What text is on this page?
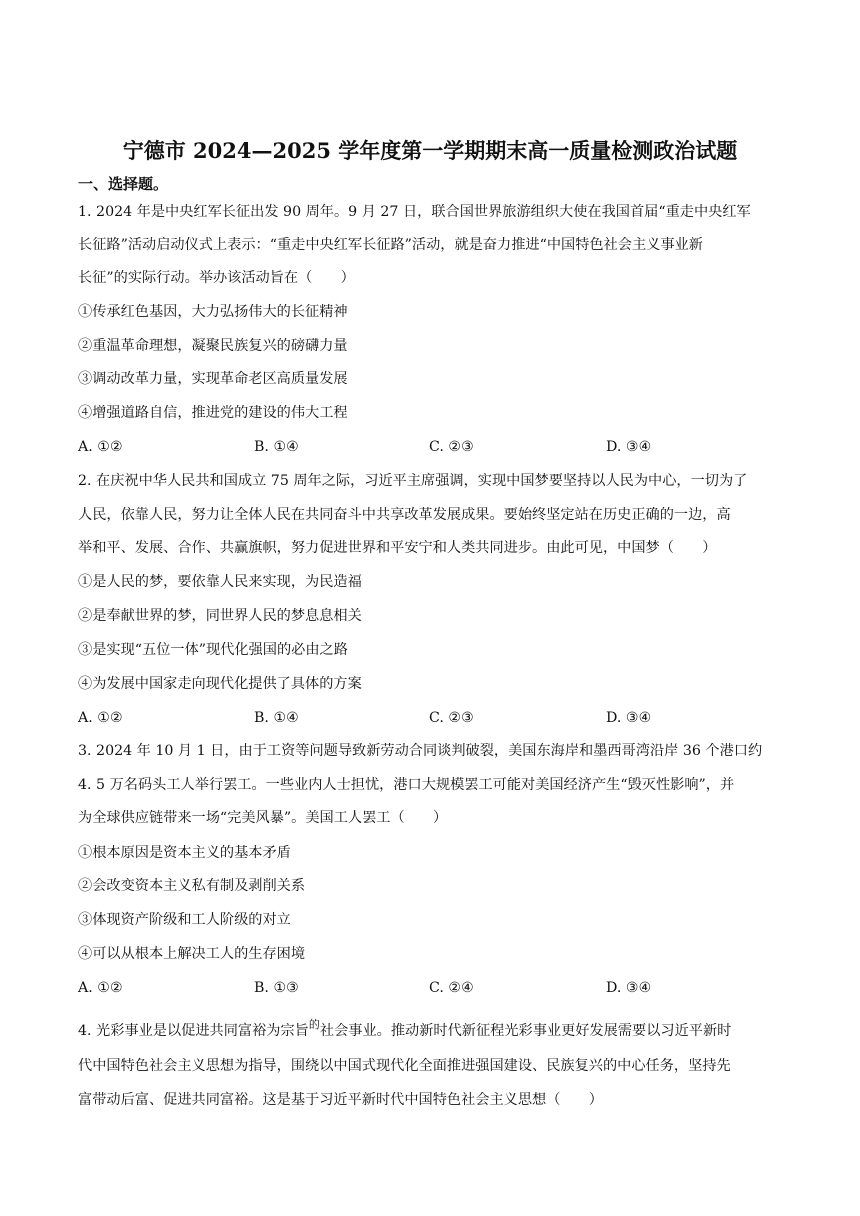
宁德市 2024—2025 学年度第一学期期末高一质量检测政治试题
一、选择题。
1. 2024 年是中央红军长征出发 90 周年。9 月 27 日，联合国世界旅游组织大使在我国首届“重走中央红军
长征路”活动启动仪式上表示：“重走中央红军长征路”活动，就是奋力推进“中国特色社会主义事业新
长征”的实际行动。举办该活动旨在（　　）
①传承红色基因，大力弘扬伟大的长征精神
②重温革命理想，凝聚民族复兴的磅礴力量
③调动改革力量，实现革命老区高质量发展
④增强道路自信，推进党的建设的伟大工程
A. ①②	B. ①④	C. ②③	D. ③④
2. 在庆祝中华人民共和国成立 75 周年之际，习近平主席强调，实现中国梦要坚持以人民为中心，一切为了
人民，依靠人民，努力让全体人民在共同奋斗中共享改革发展成果。要始终坚定站在历史正确的一边，高
举和平、发展、合作、共赢旗帜，努力促进世界和平安宁和人类共同进步。由此可见，中国梦（　　）
①是人民的梦，要依靠人民来实现，为民造福
②是奉献世界的梦，同世界人民的梦息息相关
③是实现“五位一体”现代化强国的必由之路
④为发展中国家走向现代化提供了具体的方案
A. ①②	B. ①④	C. ②③	D. ③④
3. 2024 年 10 月 1 日，由于工资等问题导致新劳动合同谈判破裂，美国东海岸和墨西哥湾沿岸 36 个港口约
4. 5 万名码头工人举行罢工。一些业内人士担忧，港口大规模罢工可能对美国经济产生“毁灭性影响”，并
为全球供应链带来一场“完美风暴”。美国工人罢工（　　）
①根本原因是资本主义的基本矛盾
②会改变资本主义私有制及剥削关系
③体现资产阶级和工人阶级的对立
④可以从根本上解决工人的生存困境
A. ①②	B. ①③	C. ②④	D. ③④
4. 光彩事业是以促进共同富裕为宗旨$^的$社会事业。推动新时代新征程光彩事业更好发展需要以习近平新时
代中国特色社会主义思想为指导，围绕以中国式现代化全面推进强国建设、民族复兴的中心任务，坚持先
富带动后富、促进共同富裕。这是基于习近平新时代中国特色社会主义思想（　　）
